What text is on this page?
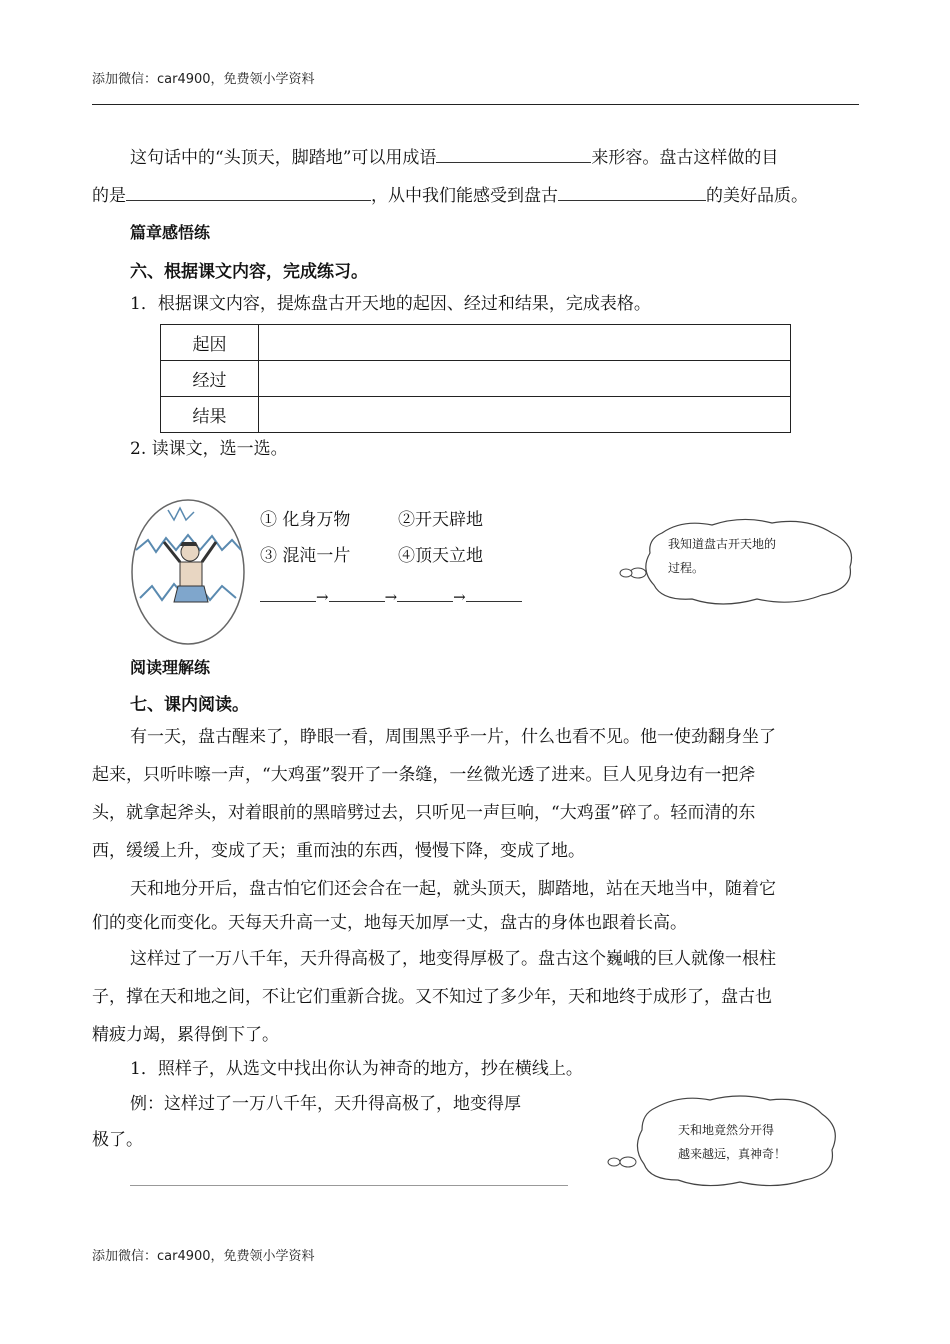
添加微信：car4900，免费领小学资料
这句话中的“头顶天，脚踏地”可以用成语	来形容。盘古这样做的目
的是	，从中我们能感受到盘古	的美好品质。
篇章感悟练
六、根据课文内容，完成练习。
1．根据课文内容，提炼盘古开天地的起因、经过和结果，完成表格。
起因	
经过	
结果	
2. 读课文，选一选。
① 化身万物	②开天辟地
③ 混沌一片	④顶天立地
→	→	→
我知道盘古开天地的
过程。
阅读理解练
七、课内阅读。
有一天，盘古醒来了，睁眼一看，周围黑乎乎一片，什么也看不见。他一使劲翻身坐了
起来，只听咔嚓一声，“大鸡蛋”裂开了一条缝，一丝微光透了进来。巨人见身边有一把斧
头，就拿起斧头，对着眼前的黑暗劈过去，只听见一声巨响，“大鸡蛋”碎了。轻而清的东
西，缓缓上升，变成了天；重而浊的东西，慢慢下降，变成了地。
天和地分开后，盘古怕它们还会合在一起，就头顶天，脚踏地，站在天地当中，随着它
们的变化而变化。天每天升高一丈，地每天加厚一丈，盘古的身体也跟着长高。
这样过了一万八千年，天升得高极了，地变得厚极了。盘古这个巍峨的巨人就像一根柱
子，撑在天和地之间，不让它们重新合拢。又不知过了多少年，天和地终于成形了，盘古也
精疲力竭，累得倒下了。
1．照样子，从选文中找出你认为神奇的地方，抄在横线上。
例：这样过了一万八千年，天升得高极了，地变得厚
极了。	天和地竟然分开得
越来越远，真神奇！
添加微信：car4900，免费领小学资料
